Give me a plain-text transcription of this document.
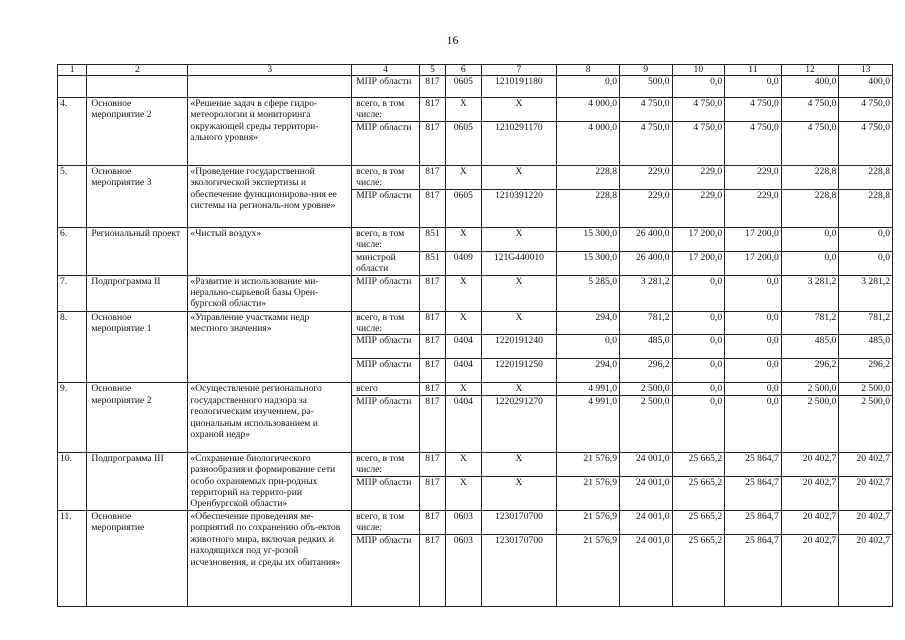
16
1	2	3	4	5	6	7	8	9	10	11	12	13
			МПР области	817	0605	1210191180	0,0	500,0	0,0	0,0	400,0	400,0
4.	Основное мероприятие 2	«Решение задач в сфере гидро-метеорологии и мониторинга окружающей среды территори-ального уровня»	всего, в том числе:	817	X	X	4 000,0	4 750,0	4 750,0	4 750,0	4 750,0	4 750,0
			МПР области	817	0605	1210291170	4 000,0	4 750,0	4 750,0	4 750,0	4 750,0	4 750,0
5.	Основное мероприятие 3	«Проведение государственной экологической экспертизы и обеспечение функционирова-ния ее системы на региональ-ном уровне»	всего, в том числе:	817	X	X	228,8	229,0	229,0	229,0	228,8	228,8
			МПР области	817	0605	1210391220	228,8	229,0	229,0	229,0	228,8	228,8
6.	Региональный проект	«Чистый воздух»	всего, в том числе:	851	X	X	15 300,0	26 400,0	17 200,0	17 200,0	0,0	0,0
			минстрой области	851	0409	121G440010	15 300,0	26 400,0	17 200,0	17 200,0	0,0	0,0
7.	Подпрограмма II	«Развитие и использование ми-нерально-сырьевой базы Орен-бургской области»	МПР области	817	X	X	5 285,0	3 281,2	0,0	0,0	3 281,2	3 281,2
8.	Основное мероприятие 1	«Управление участками недр местного значения»	всего, в том числе:	817	X	X	294,0	781,2	0,0	0,0	781,2	781,2
			МПР области	817	0404	1220191240	0,0	485,0	0,0	0,0	485,0	485,0
			МПР области	817	0404	1220191250	294,0	296,2	0,0	0,0	296,2	296,2
9.	Основное мероприятие 2	«Осуществление регионального государственного надзора за геологическим изучением, ра-циональным использованием и охраной недр»	всего	817	X	X	4 991,0	2 500,0	0,0	0,0	2 500,0	2 500,0
			МПР области	817	0404	1220291270	4 991,0	2 500,0	0,0	0,0	2 500,0	2 500,0
10.	Подпрограмма III	«Сохранение биологического разнообразия и формирование сети особо охраняемых при-родных территорий на террито-рии Оренбургской области»	всего, в том числе:	817	X	X	21 576,9	24 001,0	25 665,2	25 864,7	20 402,7	20 402,7
			МПР области	817	X	X	21 576,9	24 001,0	25 665,2	25 864,7	20 402,7	20 402,7
11.	Основное мероприятие	«Обеспечение проведения ме-роприятий по сохранению объ-ектов животного мира, включая редких и находящихся под уг-розой исчезновения, и среды их обитания»	всего, в том числе:	817	0603	1230170700	21 576,9	24 001,0	25 665,2	25 864,7	20 402,7	20 402,7
			МПР области	817	0603	1230170700	21 576,9	24 001,0	25 665,2	25 864,7	20 402,7	20 402,7
